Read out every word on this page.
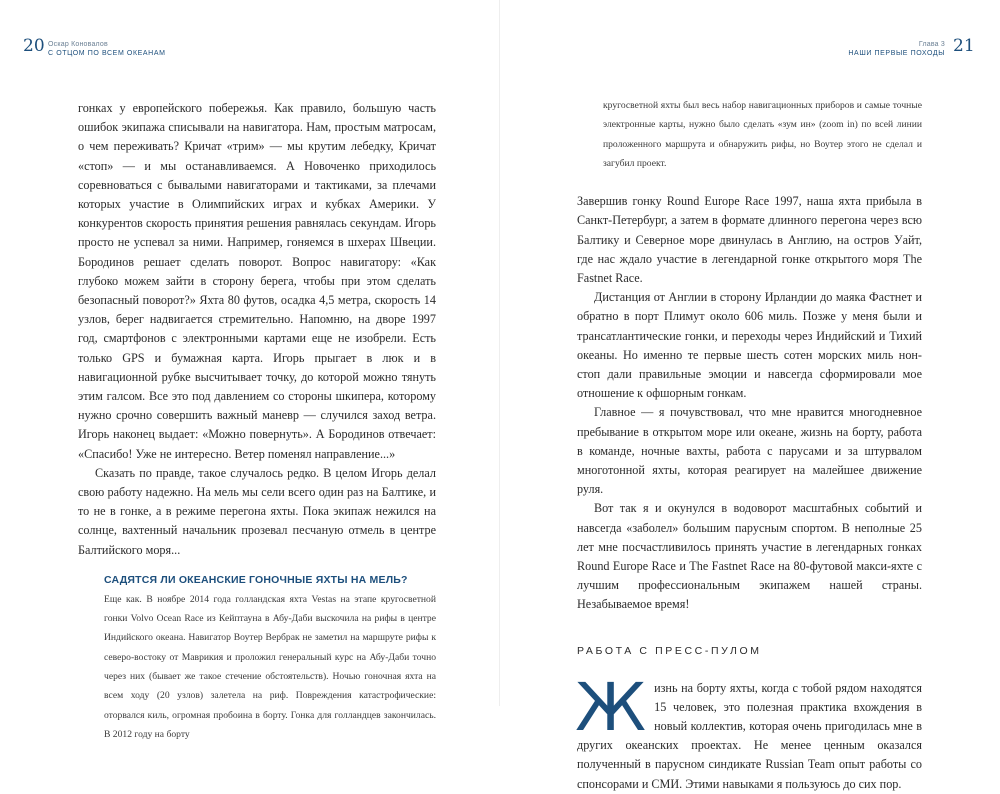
20 Оскар Коновалов
С ОТЦОМ ПО ВСЕМ ОКЕАНАМ
Глава 3
НАШИ ПЕРВЫЕ ПОХОДЫ 21

гонках у европейского побережья. Как правило, большую часть ошибок экипажа списывали на навигатора. Нам, простым матросам, о чем переживать? Кричат «трим» — мы крутим лебедку, Кричат «стоп» — и мы останавливаемся. А Новоченко приходилось соревноваться с бывалыми навигаторами и тактиками, за плечами которых участие в Олимпийских играх и кубках Америки. У конкурентов скорость принятия решения равнялась секундам. Игорь просто не успевал за ними. Например, гоняемся в шхерах Швеции. Бородинов решает сделать поворот. Вопрос навигатору: «Как глубоко можем зайти в сторону берега, чтобы при этом сделать безопасный поворот?» Яхта 80 футов, осадка 4,5 метра, скорость 14 узлов, берег надвигается стремительно. Напомню, на дворе 1997 год, смартфонов с электронными картами еще не изобрели. Есть только GPS и бумажная карта. Игорь прыгает в люк и в навигационной рубке высчитывает точку, до которой можно тянуть этим галсом. Все это под давлением со стороны шкипера, которому нужно срочно совершить важный маневр — случился заход ветра. Игорь наконец выдает: «Можно повернуть». А Бородинов отвечает: «Спасибо! Уже не интересно. Ветер поменял направление...»

Сказать по правде, такое случалось редко. В целом Игорь делал свою работу надежно. На мель мы сели всего один раз на Балтике, и то не в гонке, а в режиме перегона яхты. Пока экипаж нежился на солнце, вахтенный начальник прозевал песчаную отмель в центре Балтийского моря...

САДЯТСЯ ЛИ ОКЕАНСКИЕ ГОНОЧНЫЕ ЯХТЫ НА МЕЛЬ?

Еще как. В ноябре 2014 года голландская яхта Vestas на этапе кругосветной гонки Volvo Ocean Race из Кейптауна в Абу-Даби выскочила на рифы в центре Индийского океана. Навигатор Воутер Вербрак не заметил на маршруте рифы к северо-востоку от Маврикия и проложил генеральный курс на Абу-Даби точно через них (бывает же такое стечение обстоятельств). Ночью гоночная яхта на всем ходу (20 узлов) залетела на риф. Повреждения катастрофические: оторвался киль, огромная пробоина в борту. Гонка для голландцев закончилась. В 2012 году на борту

кругосветной яхты был весь набор навигационных приборов и самые точные электронные карты, нужно было сделать «зум ин» (zoom in) по всей линии проложенного маршрута и обнаружить рифы, но Воутер этого не сделал и загубил проект.

Завершив гонку Round Europe Race 1997, наша яхта прибыла в Санкт-Петербург, а затем в формате длинного перегона через всю Балтику и Северное море двинулась в Англию, на остров Уайт, где нас ждало участие в легендарной гонке открытого моря The Fastnet Race.

Дистанция от Англии в сторону Ирландии до маяка Фастнет и обратно в порт Плимут около 606 миль. Позже у меня были и трансатлантические гонки, и переходы через Индийский и Тихий океаны. Но именно те первые шесть сотен морских миль нон-стоп дали правильные эмоции и навсегда сформировали мое отношение к офшорным гонкам.

Главное — я почувствовал, что мне нравится многодневное пребывание в открытом море или океане, жизнь на борту, работа в команде, ночные вахты, работа с парусами и за штурвалом многотонной яхты, которая реагирует на малейшее движение руля.

Вот так я и окунулся в водоворот масштабных событий и навсегда «заболел» большим парусным спортом. В неполные 25 лет мне посчастливилось принять участие в легендарных гонках Round Europe Race и The Fastnet Race на 80-футовой макси-яхте с лучшим профессиональным экипажем нашей страны. Незабываемое время!

РАБОТА С ПРЕСС-ПУЛОМ
Ж изнь на борту яхты, когда с тобой рядом находятся 15 человек, это полезная практика вхождения в новый коллектив, которая очень пригодилась мне в других океанских проектах. Не менее ценным оказался полученный в парусном синдикате Russian Team опыт работы со спонсорами и СМИ. Этими навыками я пользуюсь до сих пор.
